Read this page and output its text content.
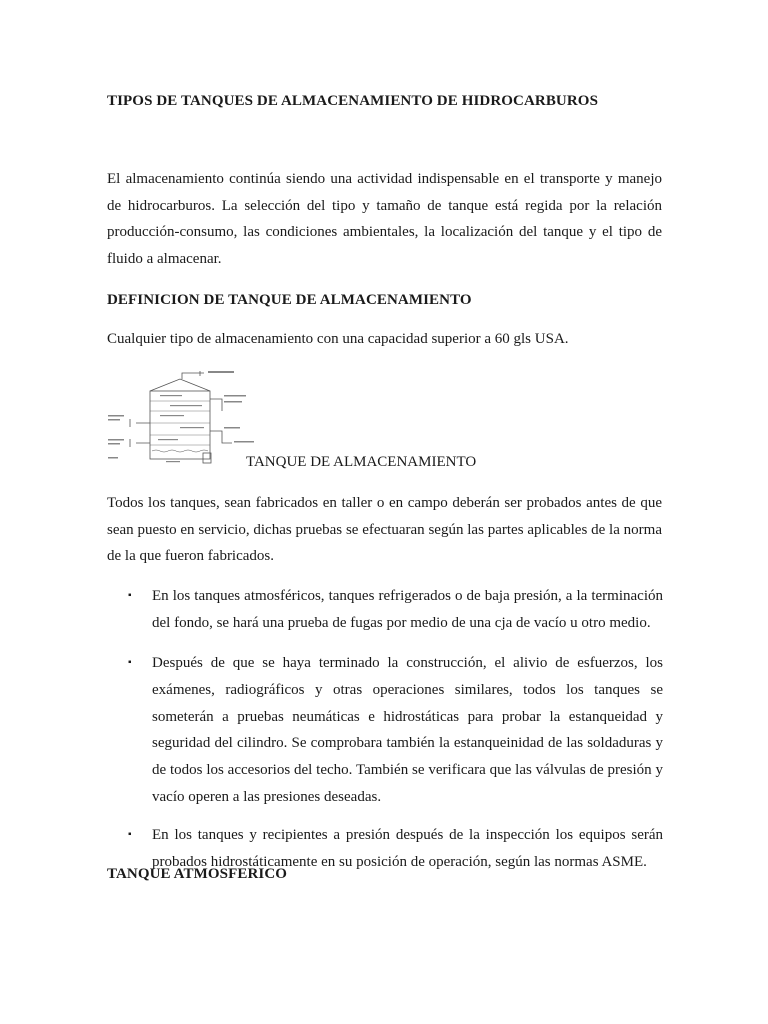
TIPOS DE TANQUES DE ALMACENAMIENTO DE HIDROCARBUROS

El almacenamiento continúa siendo una actividad indispensable en el transporte y manejo de hidrocarburos. La selección del tipo y tamaño de tanque está regida por la relación producción-consumo, las condiciones ambientales, la localización del tanque y el tipo de fluido a almacenar.

DEFINICION DE TANQUE DE ALMACENAMIENTO

Cualquier tipo de almacenamiento con una capacidad superior a 60 gls USA.

TANQUE DE ALMACENAMIENTO

Todos los tanques, sean fabricados en taller o en campo deberán ser probados antes de que sean puesto en servicio, dichas pruebas se efectuaran según las partes aplicables de la norma de la que fueron fabricados.

▪ En los tanques atmosféricos, tanques refrigerados o de baja presión, a la terminación del fondo, se hará una prueba de fugas por medio de una cja de vacío u otro medio.

▪ Después de que se haya terminado la construcción, el alivio de esfuerzos, los exámenes, radiográficos y otras operaciones similares, todos los tanques se someterán a pruebas neumáticas e hidrostáticas para probar la estanqueidad y seguridad del cilindro. Se comprobara también la estanqueinidad de las soldaduras y de todos los accesorios del techo. También se verificara que las válvulas de presión y vacío operen a las presiones deseadas.

▪ En los tanques y recipientes a presión después de la inspección los equipos serán probados hidrostáticamente en su posición de operación, según las normas ASME.

TANQUE ATMOSFERICO
